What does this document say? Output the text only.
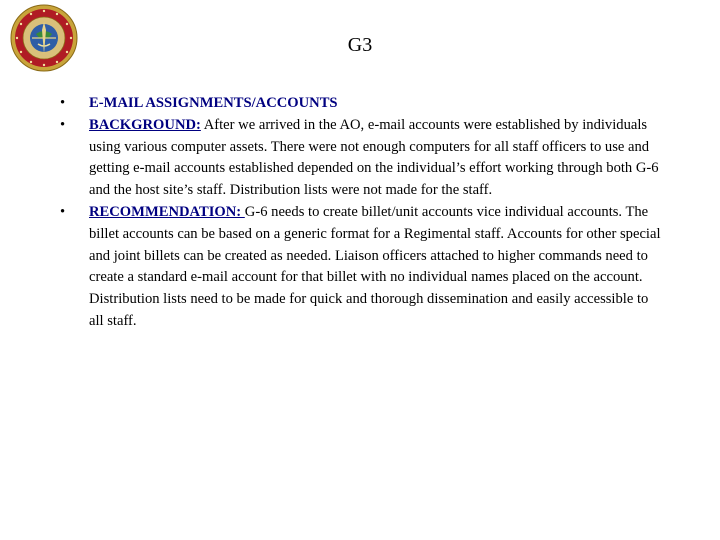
G3
•	E-MAIL ASSIGNMENTS/ACCOUNTS
•	BACKGROUND: After we arrived in the AO, e-mail accounts were established by individuals using various computer assets. There were not enough computers for all staff officers to use and getting e-mail accounts established depended on the individual’s effort working through both G-6 and the host site’s staff. Distribution lists were not made for the staff.
•	RECOMMENDATION: G-6 needs to create billet/unit accounts vice individual accounts. The billet accounts can be based on a generic format for a Regimental staff. Accounts for other special and joint billets can be created as needed. Liaison officers attached to higher commands need to create a standard e-mail account for that billet with no individual names placed on the account. Distribution lists need to be made for quick and thorough dissemination and easily accessible to all staff.
